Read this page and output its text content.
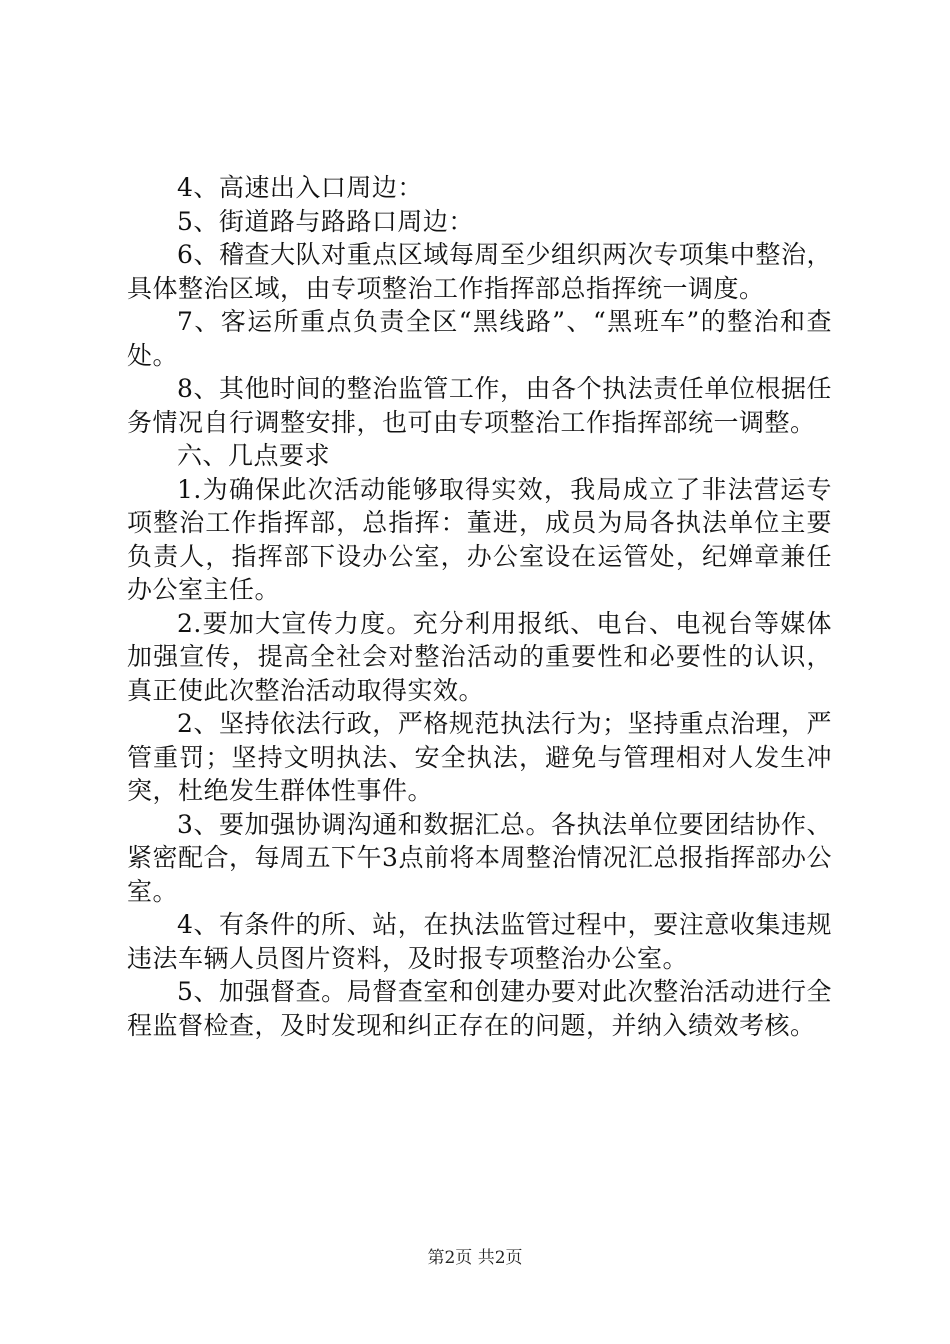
4、高速出入口周边：

5、街道路与路路口周边：

6、稽查大队对重点区域每周至少组织两次专项集中整治，具体整治区域，由专项整治工作指挥部总指挥统一调度。

7、客运所重点负责全区“黑线路”、“黑班车”的整治和查处。

8、其他时间的整治监管工作，由各个执法责任单位根据任务情况自行调整安排，也可由专项整治工作指挥部统一调整。

六、几点要求

1.为确保此次活动能够取得实效，我局成立了非法营运专项整治工作指挥部，总指挥：董进，成员为局各执法单位主要负责人，指挥部下设办公室，办公室设在运管处，纪婵章兼任办公室主任。

2.要加大宣传力度。充分利用报纸、电台、电视台等媒体加强宣传，提高全社会对整治活动的重要性和必要性的认识，真正使此次整治活动取得实效。

2、坚持依法行政，严格规范执法行为；坚持重点治理，严管重罚；坚持文明执法、安全执法，避免与管理相对人发生冲突，杜绝发生群体性事件。

3、要加强协调沟通和数据汇总。各执法单位要团结协作、紧密配合，每周五下午3点前将本周整治情况汇总报指挥部办公室。

4、有条件的所、站，在执法监管过程中，要注意收集违规违法车辆人员图片资料，及时报专项整治办公室。

5、加强督查。局督查室和创建办要对此次整治活动进行全程监督检查，及时发现和纠正存在的问题，并纳入绩效考核。

第2页 共2页
